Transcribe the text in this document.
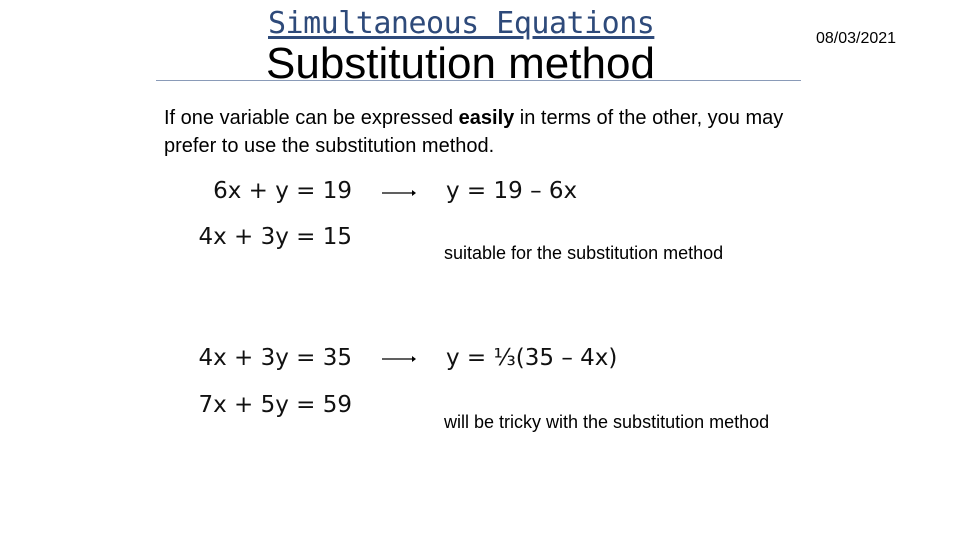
Simultaneous Equations
Substitution method
08/03/2021
If one variable can be expressed easily in terms of the other, you may prefer to use the substitution method.
6x + y = 19
4x + 3y = 15
y = 19 – 6x
suitable for the substitution method
4x + 3y = 35
7x + 5y = 59
y = ⅓(35 – 4x)
will be tricky with the substitution method
